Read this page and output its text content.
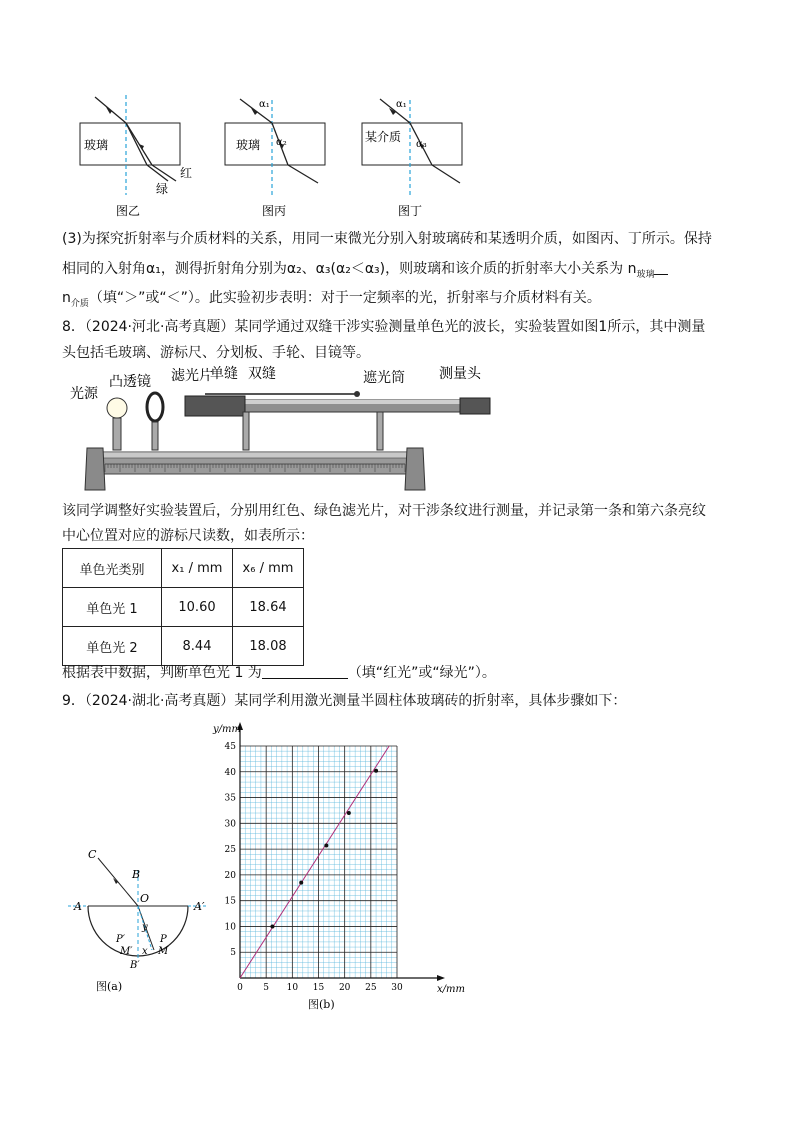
玻璃
红
绿
图乙
α₁
α₂
玻璃
图丙
α₁
α₃
某介质
图丁
(3)为探究折射率与介质材料的关系，用同一束微光分别入射玻璃砖和某透明介质，如图丙、丁所示。保持
相同的入射角α₁，测得折射角分别为α₂、α₃(α₂＜α₃)，则玻璃和该介质的折射率大小关系为 $n_{玻璃}$
$n_{介质}$（填“＞”或“＜”）。此实验初步表明：对于一定频率的光，折射率与介质材料有关。
8．（2024·河北·高考真题）某同学通过双缝干涉实验测量单色光的波长，实验装置如图1所示，其中测量
头包括毛玻璃、游标尺、分划板、手轮、目镜等。
光源
凸透镜 滤光片
单缝 双缝	遮光筒 测量头
该同学调整好实验装置后，分别用红色、绿色滤光片，对干涉条纹进行测量，并记录第一条和第六条亮纹
中心位置对应的游标尺读数，如表所示：
单色光类别	x₁ / mm	x₆ / mm
单色光 1	10.60	18.64
单色光 2	8.44	18.08
根据表中数据，判断单色光 1 为	（填“红光”或“绿光”）。
9．（2024·湖北·高考真题）某同学利用激光测量半圆柱体玻璃砖的折射率，具体步骤如下：
C
B
O
A	A′
P′	P
M′	M
y
x
B′
图(a)	0 5 10 15 20 25 30
5
10
15
20
25
30
35
40
45
y/mm
x/mm
图(b)
